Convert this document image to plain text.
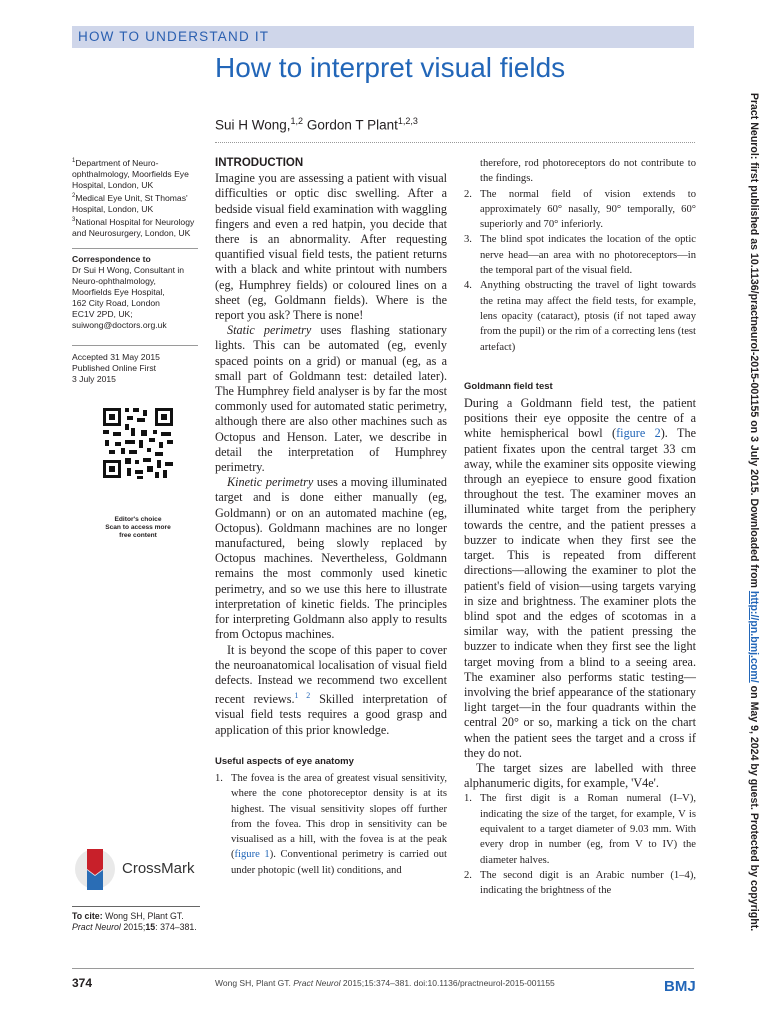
HOW TO UNDERSTAND IT
How to interpret visual fields
Sui H Wong,$^{1,2}$ Gordon T Plant$^{1,2,3}$
$^1$Department of Neuro-ophthalmology, Moorfields Eye Hospital, London, UK
$^2$Medical Eye Unit, St Thomas' Hospital, London, UK
$^3$National Hospital for Neurology and Neurosurgery, London, UK
Correspondence to
Dr Sui H Wong, Consultant in
Neuro-ophthalmology,
Moorfields Eye Hospital,
162 City Road, London
EC1V 2PD, UK;
suiwong@doctors.org.uk
Accepted 31 May 2015
Published Online First
3 July 2015
Editor's choice
Scan to access more
free content
CrossMark
To cite: Wong SH, Plant GT. Pract Neurol 2015;15: 374–381.

INTRODUCTION

Imagine you are assessing a patient with visual difficulties or optic disc swelling. After a bedside visual field examination with waggling fingers and even a red hatpin, you decide that there is an abnormality. After requesting quantified visual field tests, the patient returns with a black and white printout with numbers (eg, Humphrey fields) or coloured lines on a sheet (eg, Goldmann fields). Where is the report you ask? There is none!

Static perimetry uses flashing stationary lights. This can be automated (eg, evenly spaced points on a grid) or manual (eg, as a small part of Goldmann test: detailed later). The Humphrey field analyser is by far the most commonly used for automated static perimetry, although there are also other machines such as Octopus and Henson. Later, we describe in detail the interpretation of Humphrey perimetry.

Kinetic perimetry uses a moving illuminated target and is done either manually (eg, Goldmann) or on an automated machine (eg, Octopus). Goldmann machines are no longer manufactured, being slowly replaced by Octopus machines. Nevertheless, Goldmann remains the most commonly used kinetic perimetry, and so we use this here to illustrate interpretation of kinetic fields. The principles for interpreting Goldmann also apply to results from Octopus machines.

It is beyond the scope of this paper to cover the neuroanatomical localisation of visual field defects. Instead we recommend two excellent recent reviews.$^{1 2}$ Skilled interpretation of visual field tests requires a good grasp and application of this prior knowledge.

Useful aspects of eye anatomy

1. The fovea is the area of greatest visual sensitivity, where the cone photoreceptor density is at its highest. The visual sensitivity slopes off further from the fovea. This drop in sensitivity can be visualised as a hill, with the fovea is at the peak (figure 1). Conventional perimetry is carried out under photopic (well lit) conditions, and
therefore, rod photoreceptors do not contribute to the findings.
2. The normal field of vision extends to approximately 60° nasally, 90° temporally, 60° superiorly and 70° inferiorly.
3. The blind spot indicates the location of the optic nerve head—an area with no photoreceptors—in the temporal part of the visual field.
4. Anything obstructing the travel of light towards the retina may affect the field tests, for example, lens opacity (cataract), ptosis (if not taped away from the pupil) or the rim of a correcting lens (test artefact)

Goldmann field test

During a Goldmann field test, the patient positions their eye opposite the centre of a white hemispherical bowl (figure 2). The patient fixates upon the central target 33 cm away, while the examiner sits opposite viewing through an eyepiece to ensure good fixation throughout the test. The examiner moves an illuminated white target from the periphery towards the centre, and the patient presses a buzzer to indicate when they first see the target. This is repeated from different directions—allowing the examiner to plot the patient's field of vision—using targets varying in size and brightness. The examiner plots the blind spot and the edges of scotomas in a similar way, with the patient pressing the buzzer to indicate when they first see the light target moving from a blind to a seeing area. The examiner also performs static testing—involving the brief appearance of the stationary light target—in the four quadrants within the central 20° or so, marking a tick on the chart when the patient sees the target and a cross if they do not.

The target sizes are labelled with three alphanumeric digits, for example, 'V4e'.

1. The first digit is a Roman numeral (I–V), indicating the size of the target, for example, V is equivalent to a target diameter of 9.03 mm. With every drop in number (eg, from V to IV) the diameter halves.
2. The second digit is an Arabic number (1–4), indicating the brightness of the
374	Wong SH, Plant GT. Pract Neurol 2015;15:374–381. doi:10.1136/practneurol-2015-001155	BMJ
Pract Neurol: first published as 10.1136/practneurol-2015-001155 on 3 July 2015. Downloaded from http://pn.bmj.com/ on May 9, 2024 by guest. Protected by copyright.
